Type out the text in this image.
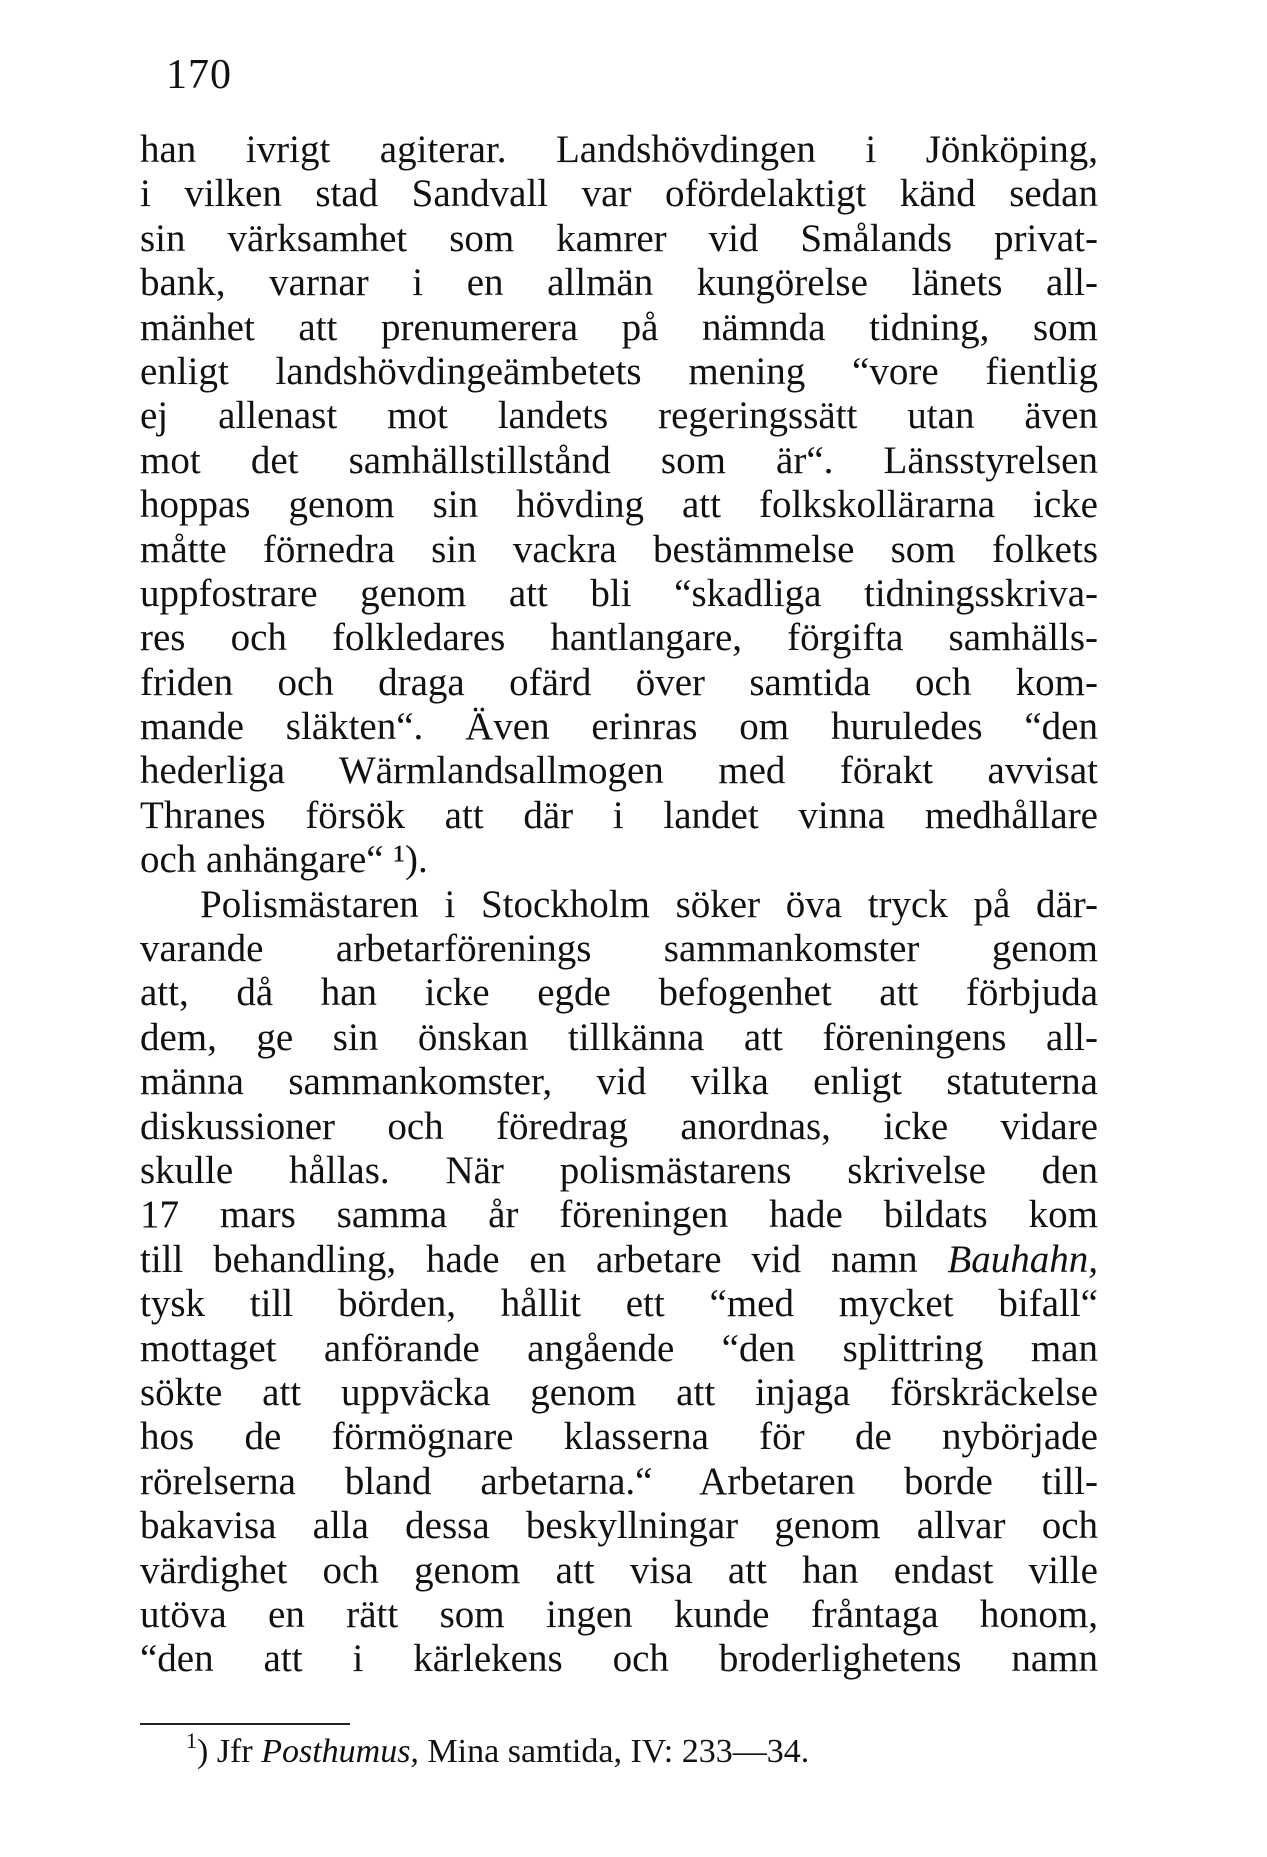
170
han ivrigt agiterar. Landshövdingen i Jönköping,
i vilken stad Sandvall var ofördelaktigt känd sedan
sin värksamhet som kamrer vid Smålands privat-
bank, varnar i en allmän kungörelse länets all-
mänhet att prenumerera på nämnda tidning, som
enligt landshövdingeämbetets mening “vore fientlig
ej allenast mot landets regeringssätt utan även
mot det samhällstillstånd som är“. Länsstyrelsen
hoppas genom sin hövding att folkskollärarna icke
måtte förnedra sin vackra bestämmelse som folkets
uppfostrare genom att bli “skadliga tidningsskriva-
res och folkledares hantlangare, förgifta samhälls-
friden och draga ofärd över samtida och kom-
mande släkten“. Även erinras om huruledes “den
hederliga Wärmlandsallmogen med förakt avvisat
Thranes försök att där i landet vinna medhållare
och anhängare“ ¹).
Polismästaren i Stockholm söker öva tryck på där-
varande arbetarförenings sammankomster genom
att, då han icke egde befogenhet att förbjuda
dem, ge sin önskan tillkänna att föreningens all-
männa sammankomster, vid vilka enligt statuterna
diskussioner och föredrag anordnas, icke vidare
skulle hållas. När polismästarens skrivelse den
17 mars samma år föreningen hade bildats kom
till behandling, hade en arbetare vid namn Bauhahn,
tysk till börden, hållit ett “med mycket bifall“
mottaget anförande angående “den splittring man
sökte att uppväcka genom att injaga förskräckelse
hos de förmögnare klasserna för de nybörjade
rörelserna bland arbetarna.“ Arbetaren borde till-
bakavisa alla dessa beskyllningar genom allvar och
värdighet och genom att visa att han endast ville
utöva en rätt som ingen kunde fråntaga honom,
“den att i kärlekens och broderlighetens namn
$^1$) Jfr Posthumus, Mina samtida, IV: 233—34.
